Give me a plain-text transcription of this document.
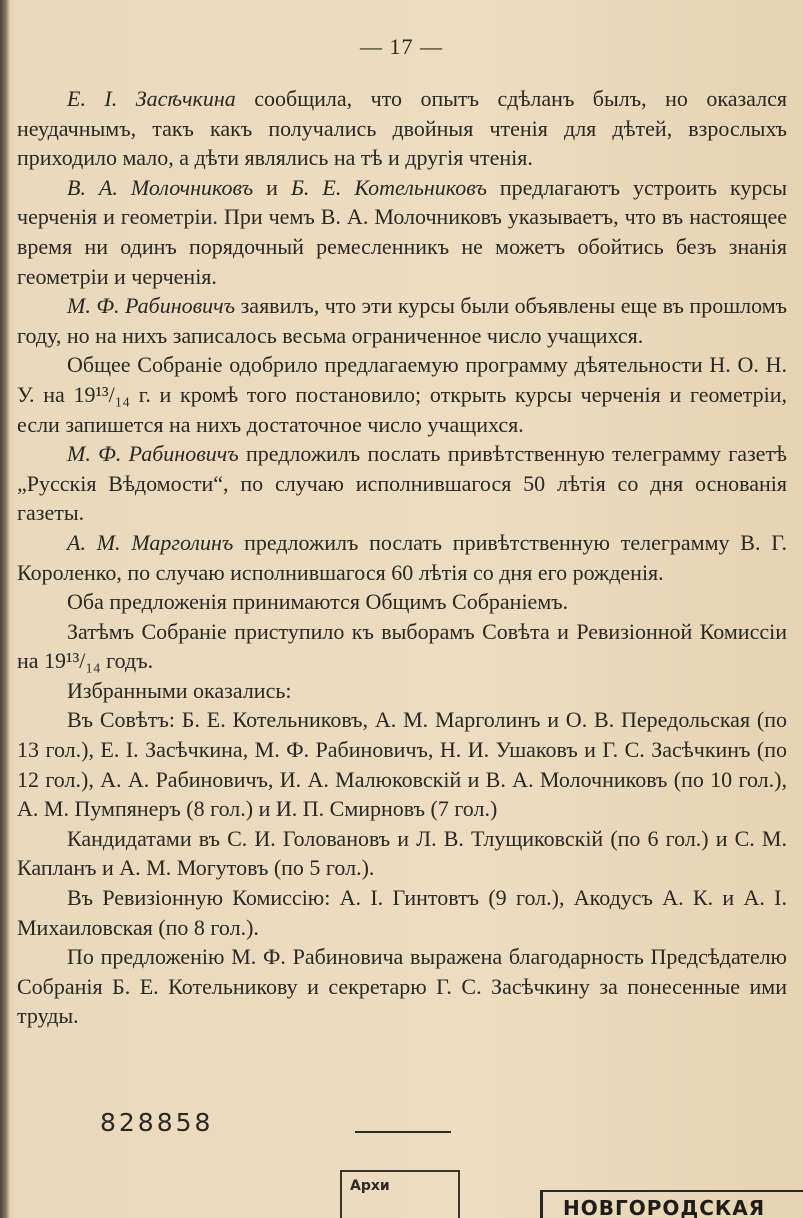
— 17 —

Е. І. Засѣчкина сообщила, что опытъ сдѣланъ былъ, но оказался неудачнымъ, такъ какъ получались двойныя чтенія для дѣтей, взрослыхъ приходило мало, а дѣти являлись на тѣ и другія чтенія.

В. А. Молочниковъ и Б. Е. Котельниковъ предлагаютъ устроить курсы черченія и геометріи. При чемъ В. А. Молочниковъ указываетъ, что въ настоящее время ни одинъ порядочный ремесленникъ не можетъ обойтись безъ знанія геометріи и черченія.

М. Ф. Рабиновичъ заявилъ, что эти курсы были объявлены еще въ прошломъ году, но на нихъ записалось весьма ограниченное число учащихся.

Общее Собраніе одобрило предлагаемую программу дѣятельности Н. О. Н. У. на 19¹³/₁₄ г. и кромѣ того постановило; открыть курсы черченія и геометріи, если запишется на нихъ достаточное число учащихся.

М. Ф. Рабиновичъ предложилъ послать привѣтственную телеграмму газетѣ „Русскія Вѣдомости“, по случаю исполнившагося 50 лѣтія со дня основанія газеты.

А. М. Марголинъ предложилъ послать привѣтственную телеграмму В. Г. Короленко, по случаю исполнившагося 60 лѣтія со дня его рожденія.

Оба предложенія принимаются Общимъ Собраніемъ.

Затѣмъ Собраніе приступило къ выборамъ Совѣта и Ревизіонной Комиссіи на 19¹³/₁₄ годъ.

Избранными оказались:

Въ Совѣтъ: Б. Е. Котельниковъ, А. М. Марголинъ и О. В. Передольская (по 13 гол.), Е. І. Засѣчкина, М. Ф. Рабиновичъ, Н. И. Ушаковъ и Г. С. Засѣчкинъ (по 12 гол.), А. А. Рабиновичъ, И. А. Малюковскій и В. А. Молочниковъ (по 10 гол.), А. М. Пумпянеръ (8 гол.) и И. П. Смирновъ (7 гол.)

Кандидатами въ С. И. Головановъ и Л. В. Тлущиковскій (по 6 гол.) и С. М. Капланъ и А. М. Могутовъ (по 5 гол.).

Въ Ревизіонную Комиссію: А. І. Гинтовтъ (9 гол.), Акодусъ А. К. и А. І. Михаиловская (по 8 гол.).

По предложенію М. Ф. Рабиновича выражена благодарность Предсѣдателю Собранія Б. Е. Котельникову и секретарю Г. С. Засѣчкину за понесенные ими труды.

828858
Архи
НОВГОРОДСКАЯ
